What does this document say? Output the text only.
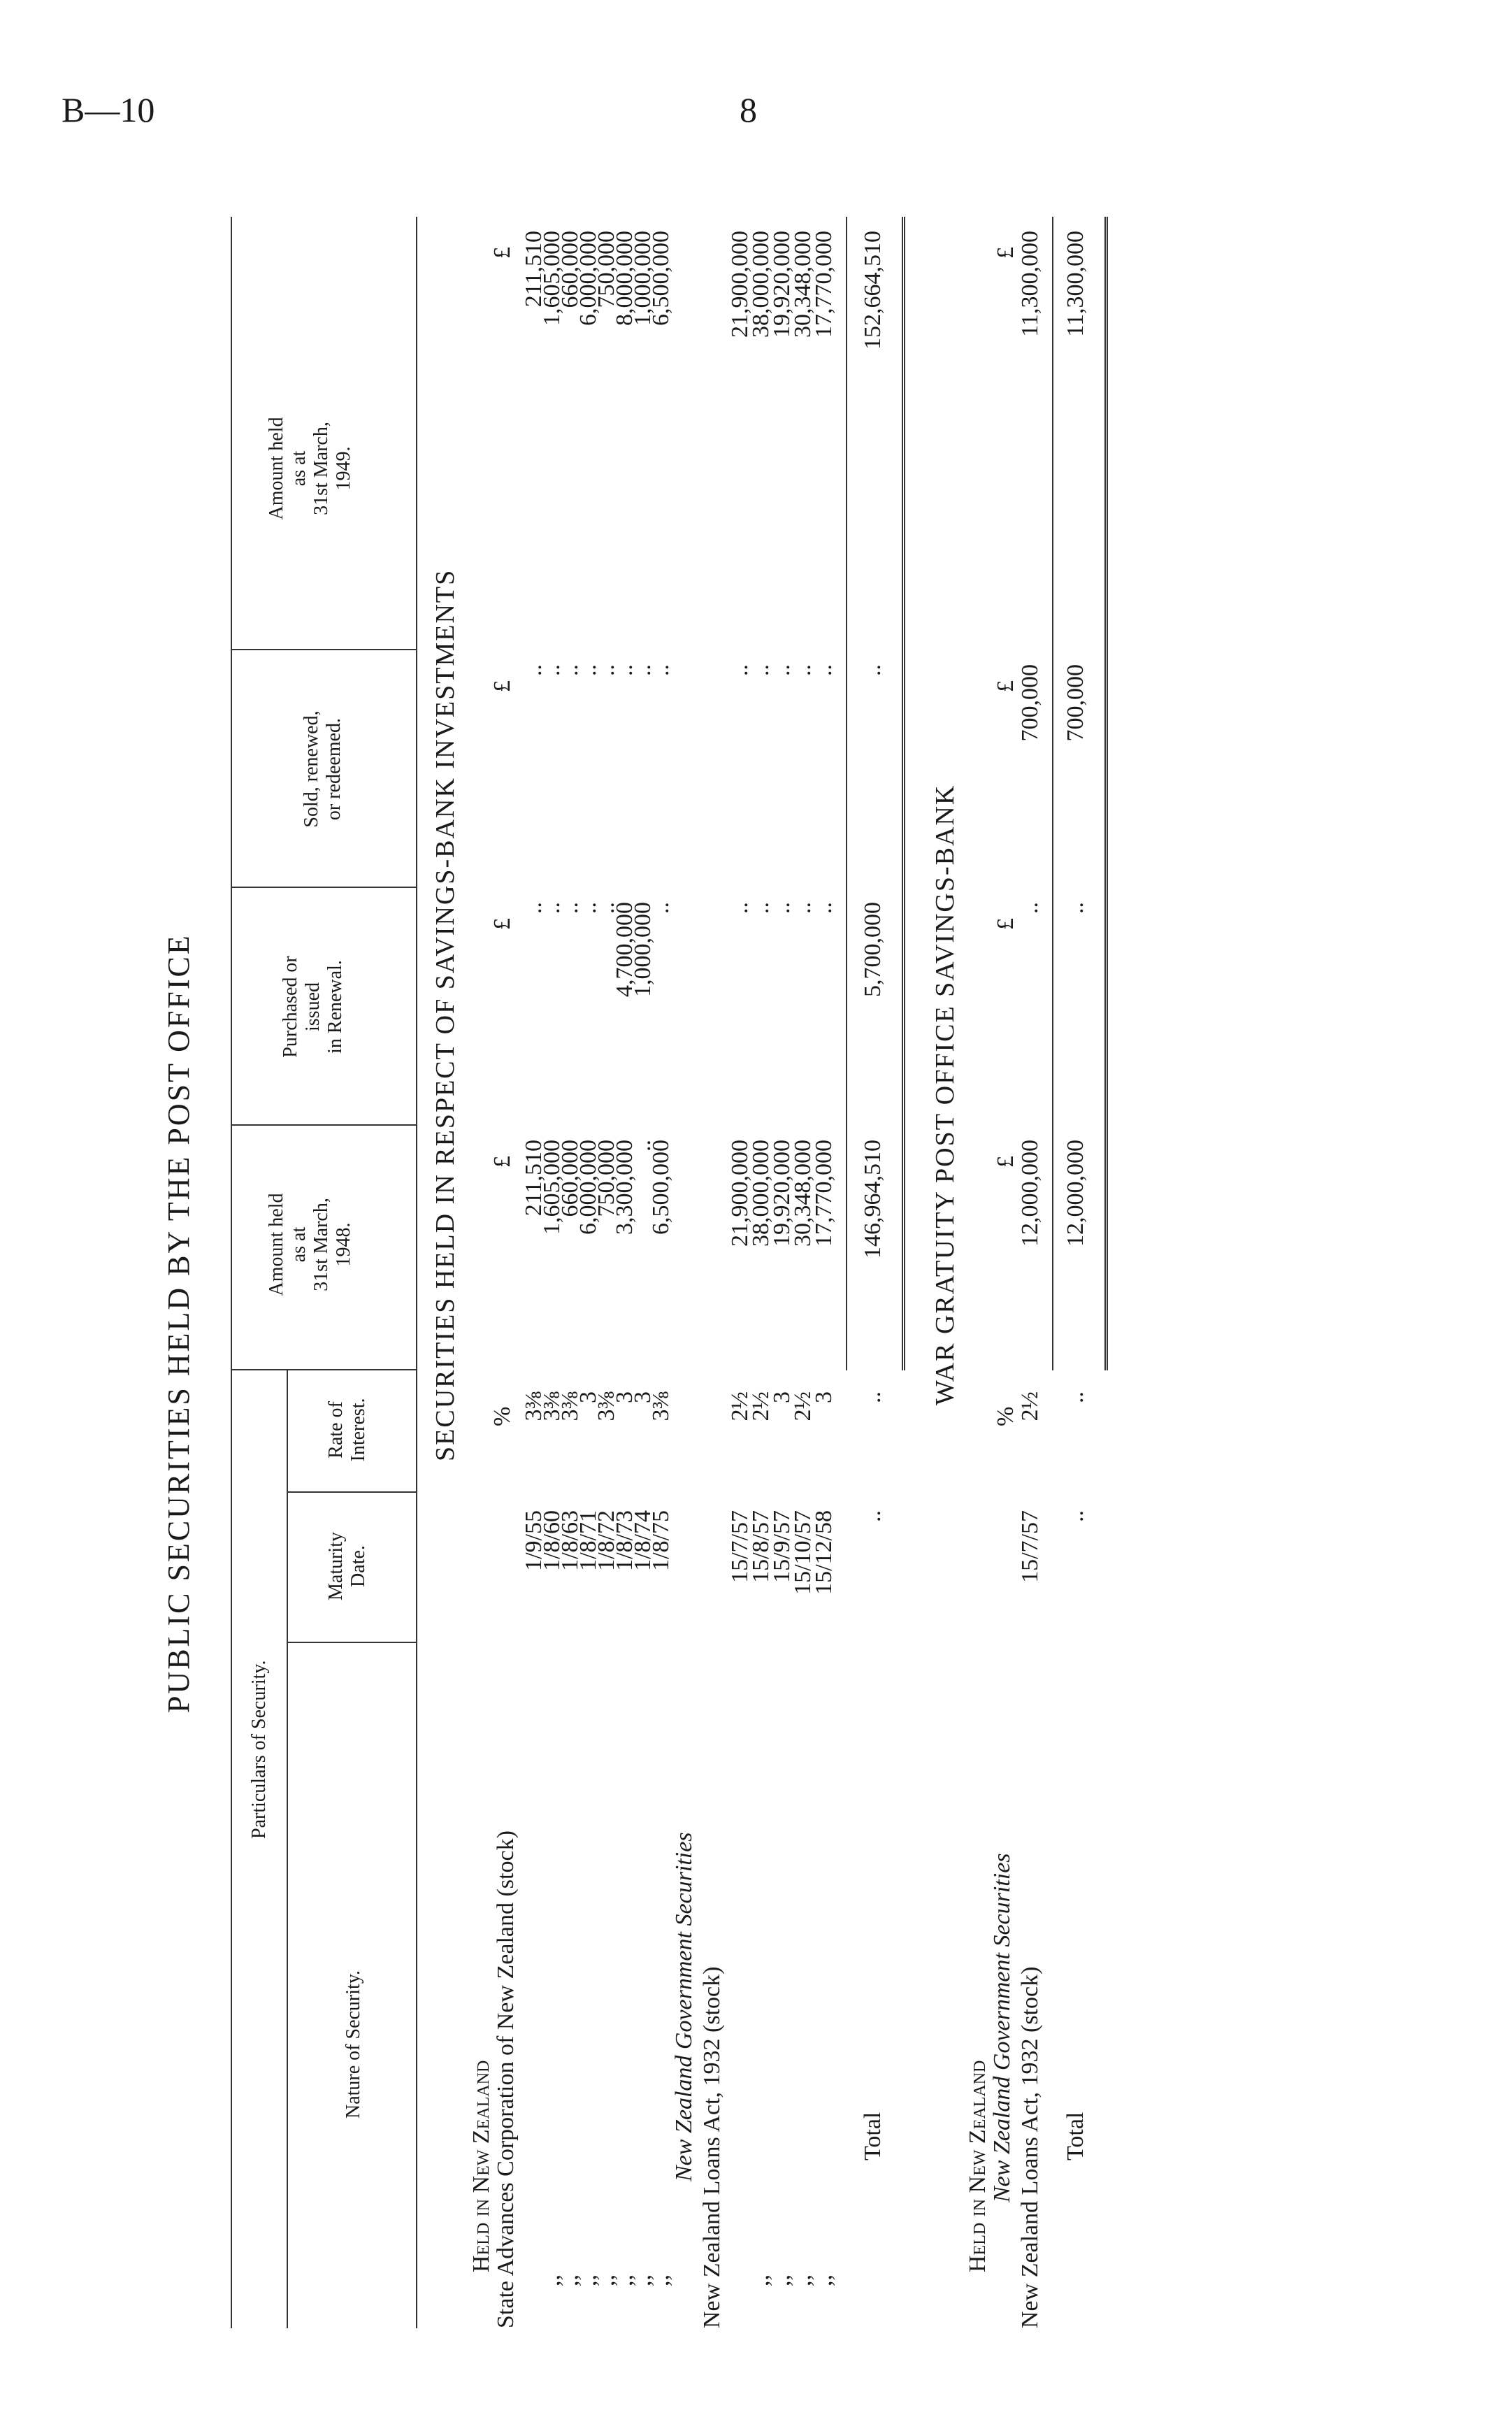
B—10	8
PUBLIC SECURITIES HELD BY THE POST OFFICE
Particulars of Security.
Nature of Security.
Maturity Date.
Rate of Interest.
Amount held as at 31st March, 1948.
Purchased or issued in Renewal.
Sold, renewed, or redeemed.
Amount held as at 31st March, 1949.
SECURITIES HELD IN RESPECT OF SAVINGS-BANK INVESTMENTS
Held in New Zealand
State Advances Corporation of New Zealand (stock)
%
£
£
£
£
1/9/55
3⅜
211,510
..
..
211,510
,,
1/8/60
3⅜
1,605,000
..
..
1,605,000
,,
1/8/63
3⅜
660,000
..
..
660,000
,,
1/8/71
3
6,000,000
..
..
6,000,000
,,
1/8/72
3⅜
750,000
..
..
750,000
,,
1/8/73
3
3,300,000
4,700,000
..
8,000,000
,,
1/8/74
3
..
1,000,000
..
1,000,000
,,
1/8/75
3⅜
6,500,000
..
..
6,500,000
New Zealand Government Securities New Zealand Loans Act, 1932 (stock)
15/7/57
2½
21,900,000
..
..
21,900,000
,,
15/8/57
2½
38,000,000
..
..
38,000,000
,,
15/9/57
3
19,920,000
..
..
19,920,000
,,
15/10/57
2½
30,348,000
..
..
30,348,000
,,
15/12/58
3
17,770,000
..
..
17,770,000
Total
..
..
146,964,510
5,700,000
..
152,664,510
WAR GRATUITY POST OFFICE SAVINGS-BANK
Held in New Zealand
New Zealand Government Securities
%
£
£
£
£
New Zealand Loans Act, 1932 (stock)
15/7/57
2½
12,000,000
..
700,000
11,300,000
Total
..
..
12,000,000
..
700,000
11,300,000
